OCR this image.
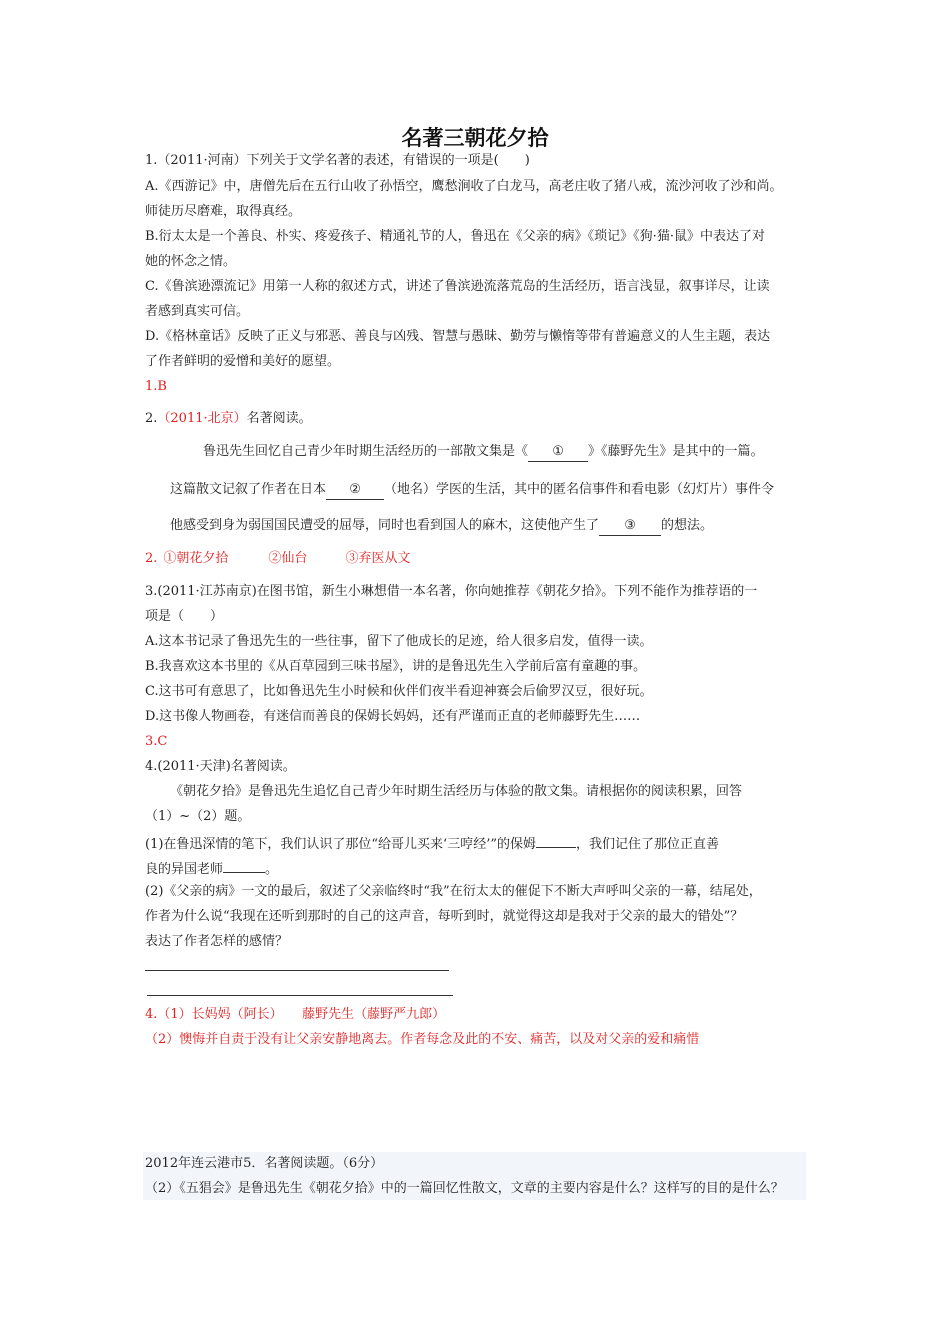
名著三朝花夕拾
1.（2011·河南）下列关于文学名著的表述，有错误的一项是(　　)
A.《西游记》中，唐僧先后在五行山收了孙悟空，鹰愁涧收了白龙马，高老庄收了猪八戒，流沙河收了沙和尚。
师徒历尽磨难，取得真经。
B.衍太太是一个善良、朴实、疼爱孩子、精通礼节的人，鲁迅在《父亲的病》《琐记》《狗·猫·鼠》中表达了对
她的怀念之情。
C.《鲁滨逊漂流记》用第一人称的叙述方式，讲述了鲁滨逊流落荒岛的生活经历，语言浅显，叙事详尽，让读
者感到真实可信。
D.《格林童话》反映了正义与邪恶、善良与凶残、智慧与愚昧、勤劳与懒惰等带有普遍意义的人生主题，表达
了作者鲜明的爱憎和美好的愿望。
1.B
2.（2011·北京）名著阅读。
鲁迅先生回忆自己青少年时期生活经历的一部散文集是《 ① 》《藤野先生》是其中的一篇。
这篇散文记叙了作者在日本 ② （地名）学医的生活，其中的匿名信事件和看电影（幻灯片）事件令
他感受到身为弱国国民遭受的屈辱，同时也看到国人的麻木，这使他产生了 ③ 的想法。
2. ①朝花夕拾	②仙台	③弃医从文
3.(2011·江苏南京)在图书馆，新生小琳想借一本名著，你向她推荐《朝花夕拾》。下列不能作为推荐语的一
项是（　　）
A.这本书记录了鲁迅先生的一些往事，留下了他成长的足迹，给人很多启发，值得一读。
B.我喜欢这本书里的《从百草园到三味书屋》，讲的是鲁迅先生入学前后富有童趣的事。
C.这书可有意思了，比如鲁迅先生小时候和伙伴们夜半看迎神赛会后偷罗汉豆，很好玩。
D.这书像人物画卷，有迷信而善良的保姆长妈妈，还有严谨而正直的老师藤野先生……
3.C
4.(2011·天津)名著阅读。
《朝花夕拾》是鲁迅先生追忆自己青少年时期生活经历与体验的散文集。请根据你的阅读积累，回答
（1）~（2）题。
(1)在鲁迅深情的笔下，我们认识了那位“给哥儿买来‘三哼经’”的保姆	，我们记住了那位正直善
良的异国老师	。
(2)《父亲的病》一文的最后，叙述了父亲临终时“我”在衍太太的催促下不断大声呼叫父亲的一幕，结尾处，
作者为什么说“我现在还听到那时的自己的这声音，每听到时，就觉得这却是我对于父亲的最大的错处”？
表达了作者怎样的感情？
4.（1）长妈妈（阿长）　　藤野先生（藤野严九郎）
（2）懊悔并自责于没有让父亲安静地离去。作者每念及此的不安、痛苦，以及对父亲的爱和痛惜
2012年连云港市5．名著阅读题。（6分）
（2）《五猖会》是鲁迅先生《朝花夕拾》中的一篇回忆性散文，文章的主要内容是什么？这样写的目的是什么？
